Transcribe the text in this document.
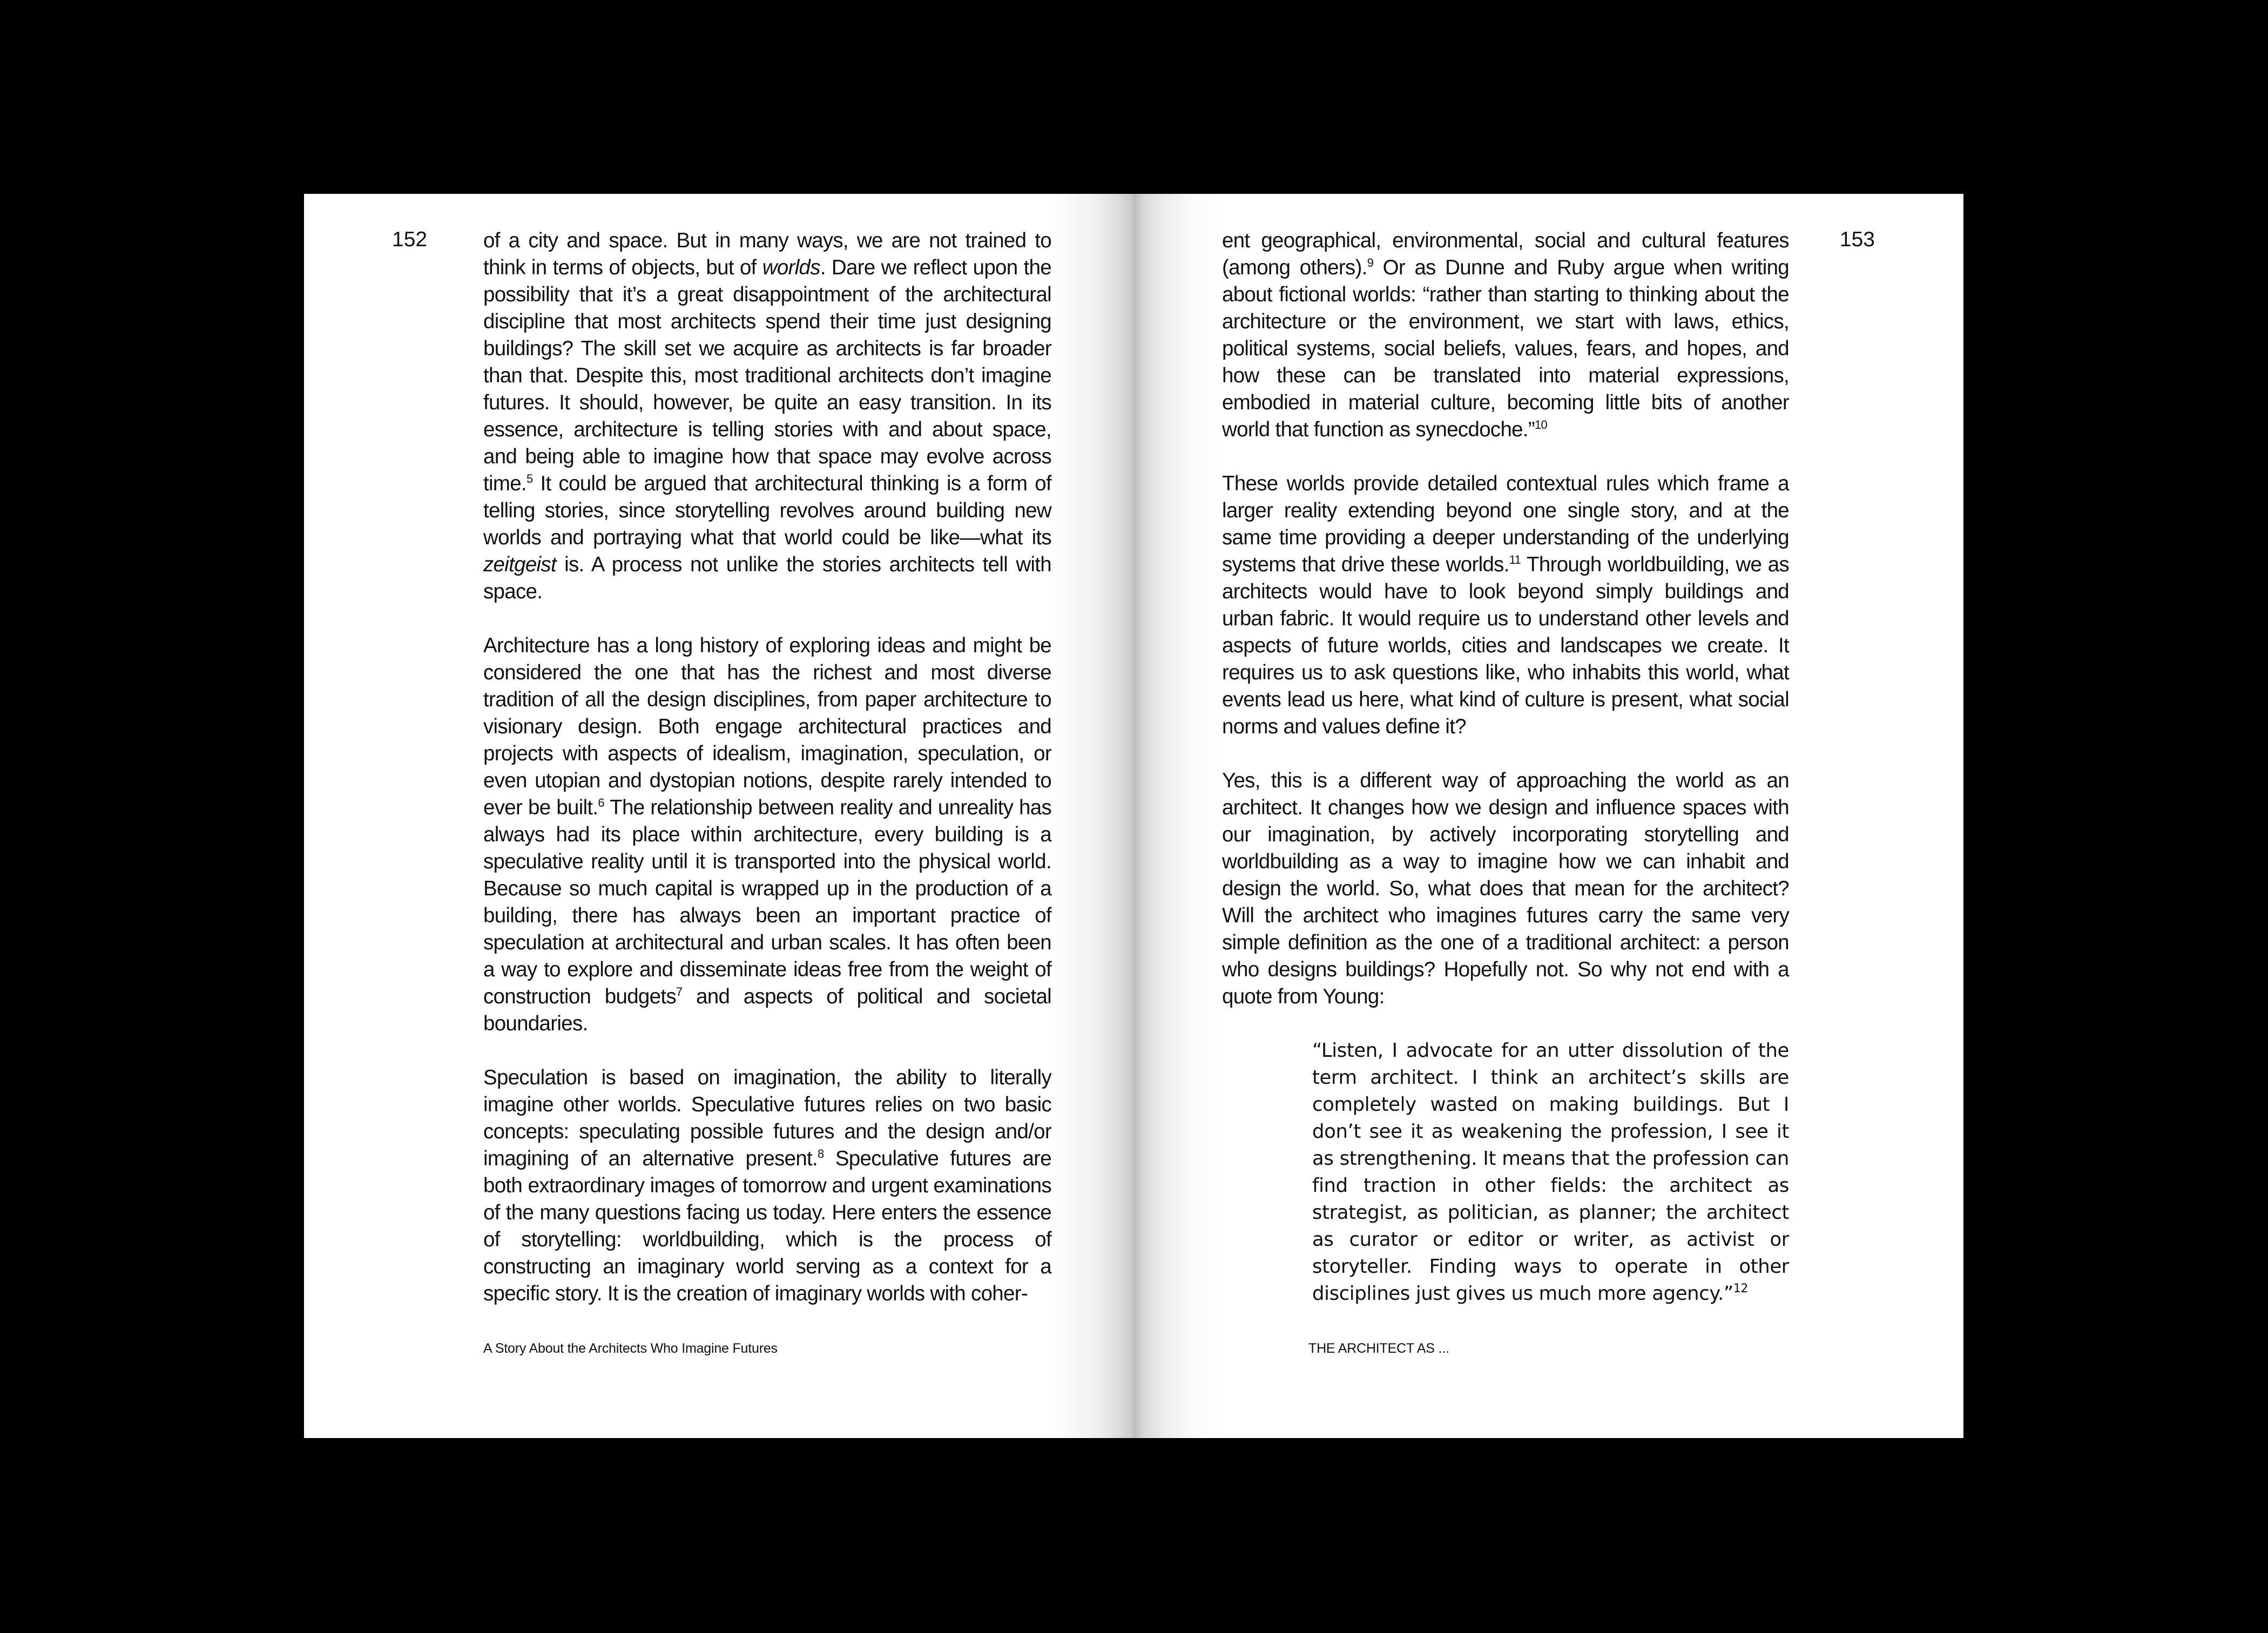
152	of a city and space. But in many ways, we are not trained to think in terms of objects, but of worlds. Dare we reflect upon the possibility that it’s a great disappointment of the architectural discipline that most architects spend their time just designing buildings? The skill set we acquire as architects is far broader than that. Despite this, most traditional architects don’t imagine futures. It should, however, be quite an easy transition. In its essence, architecture is telling stories with and about space, and being able to imagine how that space may evolve across time.$^5$ It could be argued that architectural thinking is a form of telling stories, since storytelling revolves around building new worlds and portraying what that world could be like—what its zeitgeist is. A process not unlike the stories architects tell with space.

Architecture has a long history of exploring ideas and might be considered the one that has the richest and most diverse tradition of all the design disciplines, from paper architecture to visionary design. Both engage architectural practices and projects with aspects of idealism, imagination, speculation, or even utopian and dystopian notions, despite rarely intended to ever be built.$^6$ The relationship between reality and unreality has always had its place within architecture, every building is a speculative reality until it is transported into the physical world. Because so much capital is wrapped up in the production of a building, there has always been an important practice of speculation at architectural and urban scales. It has often been a way to explore and disseminate ideas free from the weight of construction budgets$^7$ and aspects of political and societal boundaries.

Speculation is based on imagination, the ability to literally imagine other worlds. Speculative futures relies on two basic concepts: speculating possible futures and the design and/or imagining of an alternative present.$^8$ Speculative futures are both extraordinary images of tomorrow and urgent examinations of the many questions facing us today. Here enters the essence of storytelling: worldbuilding, which is the process of constructing an imaginary world serving as a context for a specific story. It is the creation of imaginary worlds with coher-

A Story About the Architects Who Imagine Futures
153

ent geographical, environmental, social and cultural features (among others).$^9$ Or as Dunne and Ruby argue when writing about fictional worlds: “rather than starting to thinking about the architecture or the environment, we start with laws, ethics, political systems, social beliefs, values, fears, and hopes, and how these can be translated into material expressions, embodied in material culture, becoming little bits of another world that function as synecdoche.”$^{10}$

These worlds provide detailed contextual rules which frame a larger reality extending beyond one single story, and at the same time providing a deeper understanding of the underlying systems that drive these worlds.$^{11}$ Through worldbuilding, we as architects would have to look beyond simply buildings and urban fabric. It would require us to understand other levels and aspects of future worlds, cities and landscapes we create. It requires us to ask questions like, who inhabits this world, what events lead us here, what kind of culture is present, what social norms and values define it?

Yes, this is a different way of approaching the world as an architect. It changes how we design and influence spaces with our imagination, by actively incorporating storytelling and worldbuilding as a way to imagine how we can inhabit and design the world. So, what does that mean for the architect? Will the architect who imagines futures carry the same very simple definition as the one of a traditional architect: a person who designs buildings? Hopefully not. So why not end with a quote from Young:

“Listen, I advocate for an utter dissolution of the term architect. I think an architect’s skills are completely wasted on making buildings. But I don’t see it as weakening the profession, I see it as strengthening. It means that the profession can find traction in other fields: the architect as strategist, as politician, as planner; the architect as curator or editor or writer, as activist or storyteller. Finding ways to operate in other disciplines just gives us much more agency.”$^{12}$
THE ARCHITECT AS ...
